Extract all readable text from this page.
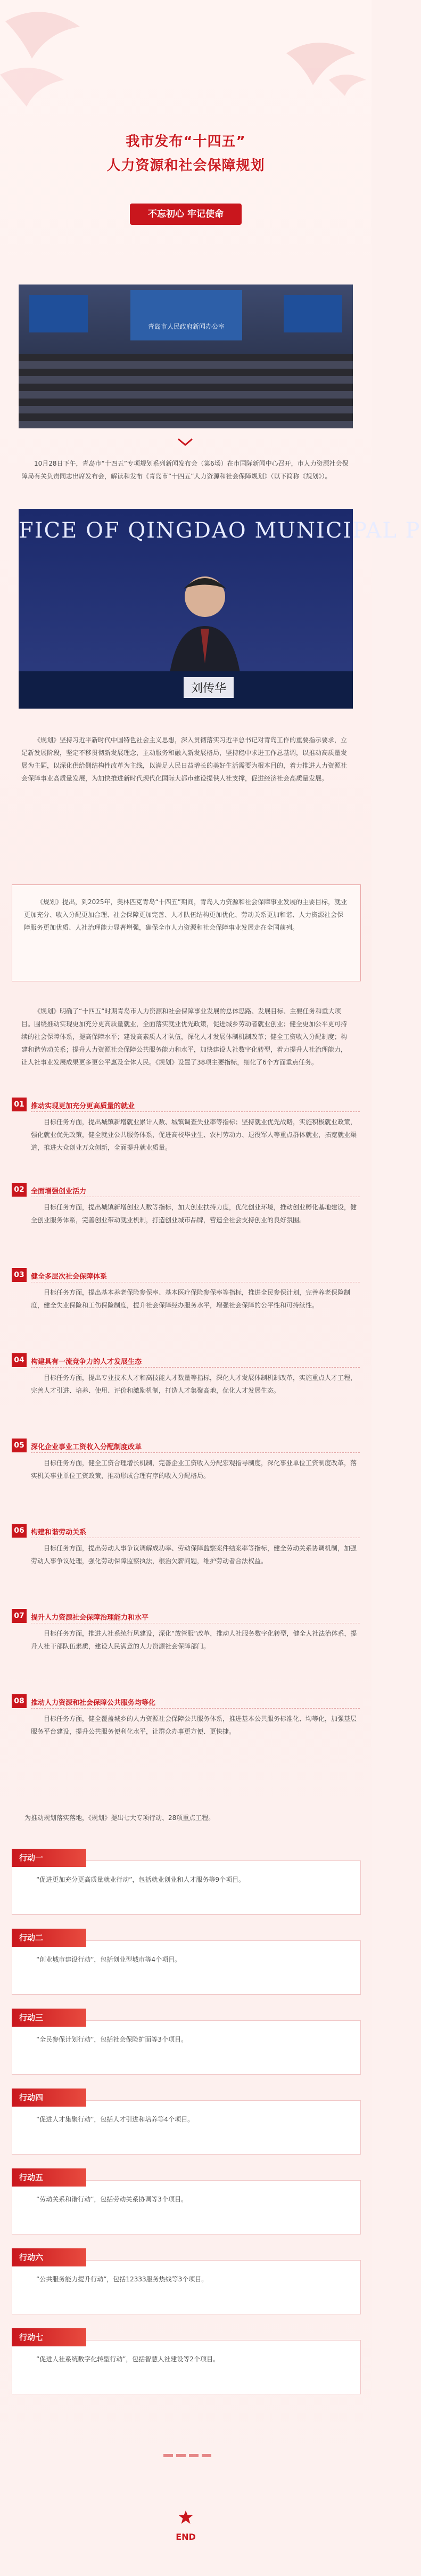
我市发布“十四五”
人力资源和社会保障规划
不忘初心 牢记使命
青岛市人民政府新闻办公室

10月28日下午，青岛市“十四五”专项规划系列新闻发布会（第6场）在市国际新闻中心召开，市人力资源社会保障局有关负责同志出席发布会，解读和发布《青岛市“十四五”人力资源和社会保障规划》（以下简称《规划》）。

FICE OF QINGDAO MUNICIPAL P
刘传华

《规划》坚持习近平新时代中国特色社会主义思想，深入贯彻落实习近平总书记对青岛工作的重要指示要求，立足新发展阶段，坚定不移贯彻新发展理念，主动服务和融入新发展格局，坚持稳中求进工作总基调，以推动高质量发展为主题，以深化供给侧结构性改革为主线，以满足人民日益增长的美好生活需要为根本目的，着力推进人力资源社会保障事业高质量发展，为加快推进新时代现代化国际大都市建设提供人社支撑，促进经济社会高质量发展。

《规划》提出，到2025年，奥林匹克青岛“十四五”期间，青岛人力资源和社会保障事业发展的主要目标，就业更加充分、收入分配更加合理、社会保障更加完善、人才队伍结构更加优化、劳动关系更加和谐、人力资源社会保障服务更加优质、人社治理能力显著增强，确保全市人力资源和社会保障事业发展走在全国前列。

《规划》明确了“十四五”时期青岛市人力资源和社会保障事业发展的总体思路、发展目标、主要任务和重大项目。围绕推动实现更加充分更高质量就业，全面落实就业优先政策，促进城乡劳动者就业创业；健全更加公平更可持续的社会保障体系，提高保障水平；建设高素质人才队伍，深化人才发展体制机制改革；健全工资收入分配制度；构建和谐劳动关系；提升人力资源社会保障公共服务能力和水平，加快建设人社数字化转型，着力提升人社治理能力，让人社事业发展成果更多更公平惠及全体人民。《规划》设置了38项主要指标，细化了6个方面重点任务。

01 推动实现更加充分更高质量的就业

目标任务方面，提出城镇新增就业累计人数、城镇调查失业率等指标；坚持就业优先战略，实施积极就业政策，强化就业优先政策，健全就业公共服务体系，促进高校毕业生、农村劳动力、退役军人等重点群体就业，拓宽就业渠道，推进大众创业万众创新，全面提升就业质量。

02 全面增强创业活力

目标任务方面，提出城镇新增创业人数等指标，加大创业扶持力度，优化创业环境，推动创业孵化基地建设，健全创业服务体系，完善创业带动就业机制，打造创业城市品牌，营造全社会支持创业的良好氛围。

03 健全多层次社会保障体系

目标任务方面，提出基本养老保险参保率、基本医疗保险参保率等指标，推进全民参保计划，完善养老保险制度，健全失业保险和工伤保险制度，提升社会保障经办服务水平，增强社会保障的公平性和可持续性。

04 构建具有一流竞争力的人才发展生态

目标任务方面，提出专业技术人才和高技能人才数量等指标，深化人才发展体制机制改革，实施重点人才工程，完善人才引进、培养、使用、评价和激励机制，打造人才集聚高地，优化人才发展生态。

05 深化企业事业工资收入分配制度改革

目标任务方面，健全工资合理增长机制，完善企业工资收入分配宏观指导制度，深化事业单位工资制度改革，落实机关事业单位工资政策，推动形成合理有序的收入分配格局。

06 构建和谐劳动关系

目标任务方面，提出劳动人事争议调解成功率、劳动保障监察案件结案率等指标，健全劳动关系协调机制，加强劳动人事争议处理，强化劳动保障监察执法，根治欠薪问题，维护劳动者合法权益。

07 提升人力资源社会保障治理能力和水平

目标任务方面，推进人社系统行风建设，深化“放管服”改革，推动人社服务数字化转型，健全人社法治体系，提升人社干部队伍素质，建设人民满意的人力资源社会保障部门。

08 推动人力资源和社会保障公共服务均等化

目标任务方面，健全覆盖城乡的人力资源社会保障公共服务体系，推进基本公共服务标准化、均等化，加强基层服务平台建设，提升公共服务便利化水平，让群众办事更方便、更快捷。

为推动规划落实落地，《规划》提出七大专项行动、28项重点工程。

行动一

“促进更加充分更高质量就业行动”，包括就业创业和人才服务等9个项目。

行动二

“创业城市建设行动”，包括创业型城市等4个项目。

行动三

“全民参保计划行动”，包括社会保险扩面等3个项目。

行动四

“促进人才集聚行动”，包括人才引进和培养等4个项目。

行动五

“劳动关系和谐行动”，包括劳动关系协调等3个项目。

行动六

“公共服务能力提升行动”，包括12333服务热线等3个项目。

行动七

“促进人社系统数字化转型行动”，包括智慧人社建设等2个项目。

END
